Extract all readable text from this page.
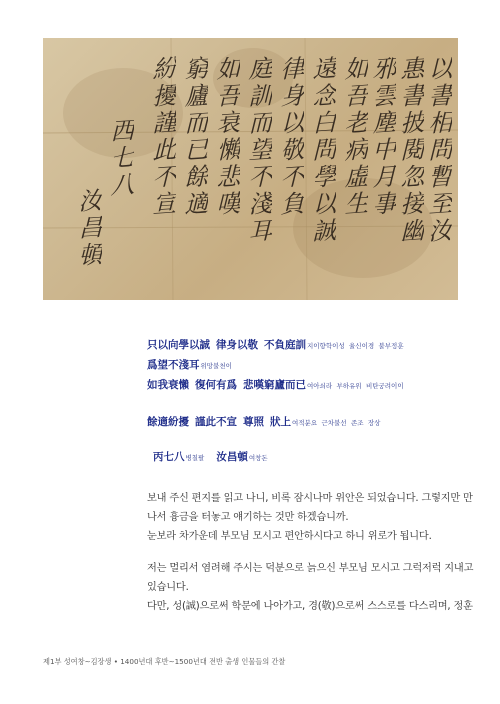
以書相問暫至汝
惠書披閱忽接幽
邪雲塵中月事
如吾老病虛生
遠念白問學以誠
律身以敬不負
庭訓而望不淺耳
如吾衰懶悲嘆
窮廬而已餘適
紛擾謹此不宣
西七八
汝昌頓
只以向學以誠 律身以敬 不負庭訓지이향학이성 율신이경 불부정훈
爲望不淺耳위망불천이
如我衰懶 復何有爲 悲嘆窮廬而已여아쇠라 부하유위 비탄궁려이이
餘適紛擾 謹此不宣 尊照 狀上여적분요 근차불선 존조 장상
丙七八병칠팔 汝昌頓여창돈
보내 주신 편지를 읽고 나니, 비록 잠시나마 위안은 되었습니다. 그렇지만 만
나서 흉금을 터놓고 얘기하는 것만 하겠습니까.
눈보라 차가운데 부모님 모시고 편안하시다고 하니 위로가 됩니다.
저는 멀리서 염려해 주시는 덕분으로 늙으신 부모님 모시고 그럭저럭 지내고
있습니다.
다만, 성(誠)으로써 학문에 나아가고, 경(敬)으로써 스스로를 다스리며, 정훈
제1부 성여창∼김장생 • 1400년대 후반∼1500년대 전반 출생 인물들의 간찰
